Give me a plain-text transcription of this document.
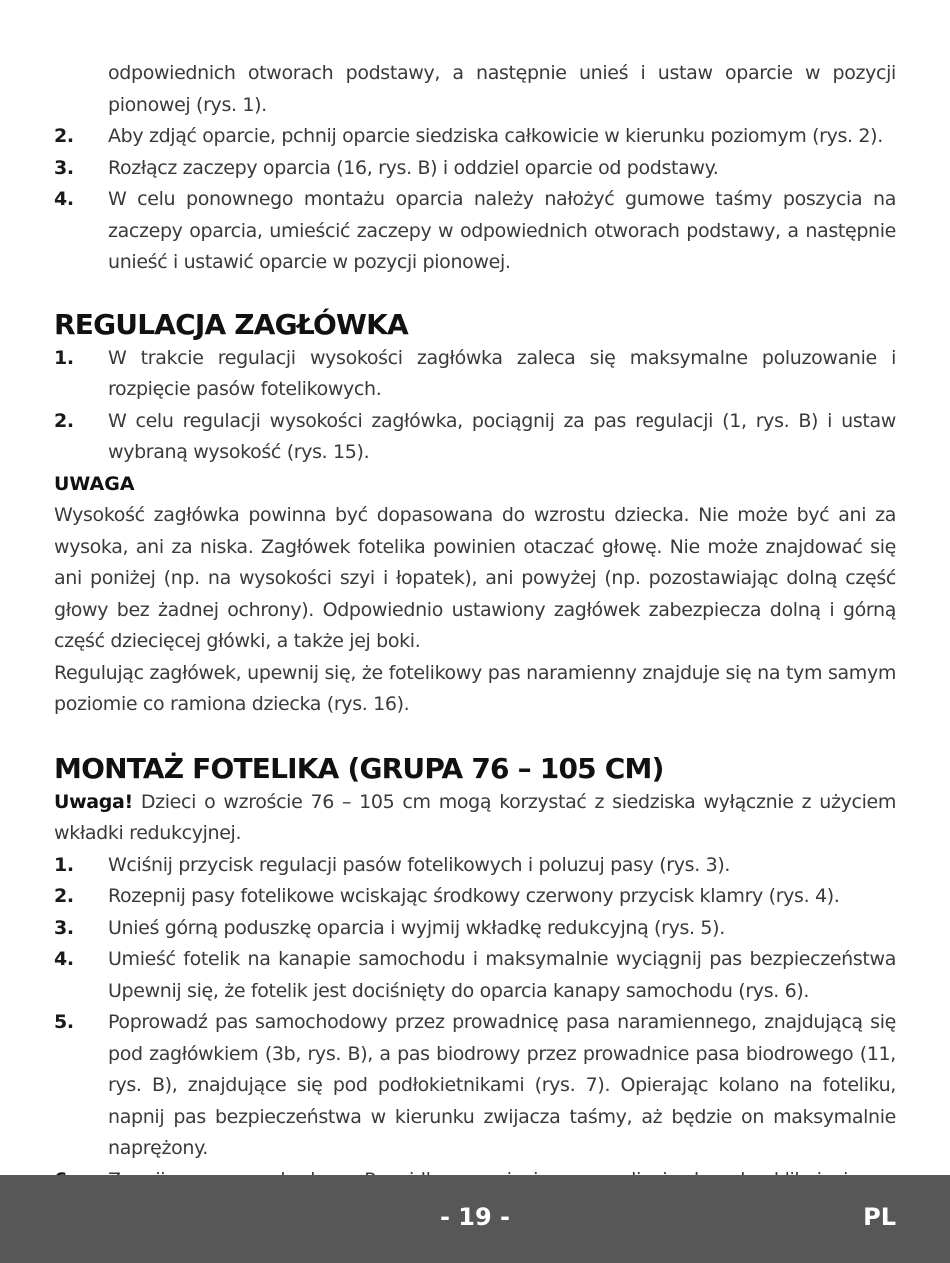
odpowiednich otworach podstawy, a następnie unieś i ustaw oparcie w pozycji pionowej (rys. 1).
2.	Aby zdjąć oparcie, pchnij oparcie siedziska całkowicie w kierunku poziomym (rys. 2).
3.	Rozłącz zaczepy oparcia (16, rys. B) i oddziel oparcie od podstawy.
4.	W celu ponownego montażu oparcia należy nałożyć gumowe taśmy poszycia na zaczepy oparcia, umieścić zaczepy w odpowiednich otworach podstawy, a następnie unieść i ustawić oparcie w pozycji pionowej.
REGULACJA ZAGŁÓWKA
1.	W trakcie regulacji wysokości zagłówka zaleca się maksymalne poluzowanie i rozpięcie pasów fotelikowych.
2.	W celu regulacji wysokości zagłówka, pociągnij za pas regulacji (1, rys. B) i ustaw wybraną wysokość (rys. 15).
UWAGA
Wysokość zagłówka powinna być dopasowana do wzrostu dziecka. Nie może być ani za wysoka, ani za niska. Zagłówek fotelika powinien otaczać głowę. Nie może znajdować się ani poniżej (np. na wysokości szyi i łopatek), ani powyżej (np. pozostawiając dolną część głowy bez żadnej ochrony). Odpowiednio ustawiony zagłówek zabezpiecza dolną i górną część dziecięcej główki, a także jej boki.
Regulując zagłówek, upewnij się, że fotelikowy pas naramienny znajduje się na tym samym poziomie co ramiona dziecka (rys. 16).
MONTAŻ FOTELIKA (GRUPA 76 – 105 CM)
Uwaga! Dzieci o wzroście 76 – 105 cm mogą korzystać z siedziska wyłącznie z użyciem wkładki redukcyjnej.
1.	Wciśnij przycisk regulacji pasów fotelikowych i poluzuj pasy (rys. 3).
2.	Rozepnij pasy fotelikowe wciskając środkowy czerwony przycisk klamry (rys. 4).
3.	Unieś górną poduszkę oparcia i wyjmij wkładkę redukcyjną (rys. 5).
4.	Umieść fotelik na kanapie samochodu i maksymalnie wyciągnij pas bezpieczeństwa Upewnij się, że fotelik jest dociśnięty do oparcia kanapy samochodu (rys. 6).
5.	Poprowadź pas samochodowy przez prowadnicę pasa naramiennego, znajdującą się pod zagłówkiem (3b, rys. B), a pas biodrowy przez prowadnice pasa biodrowego (11, rys. B), znajdujące się pod podłokietnikami (rys. 7). Opierając kolano na foteliku, napnij pas bezpieczeństwa w kierunku zwijacza taśmy, aż będzie on maksymalnie naprężony.
- 19 -	PL
